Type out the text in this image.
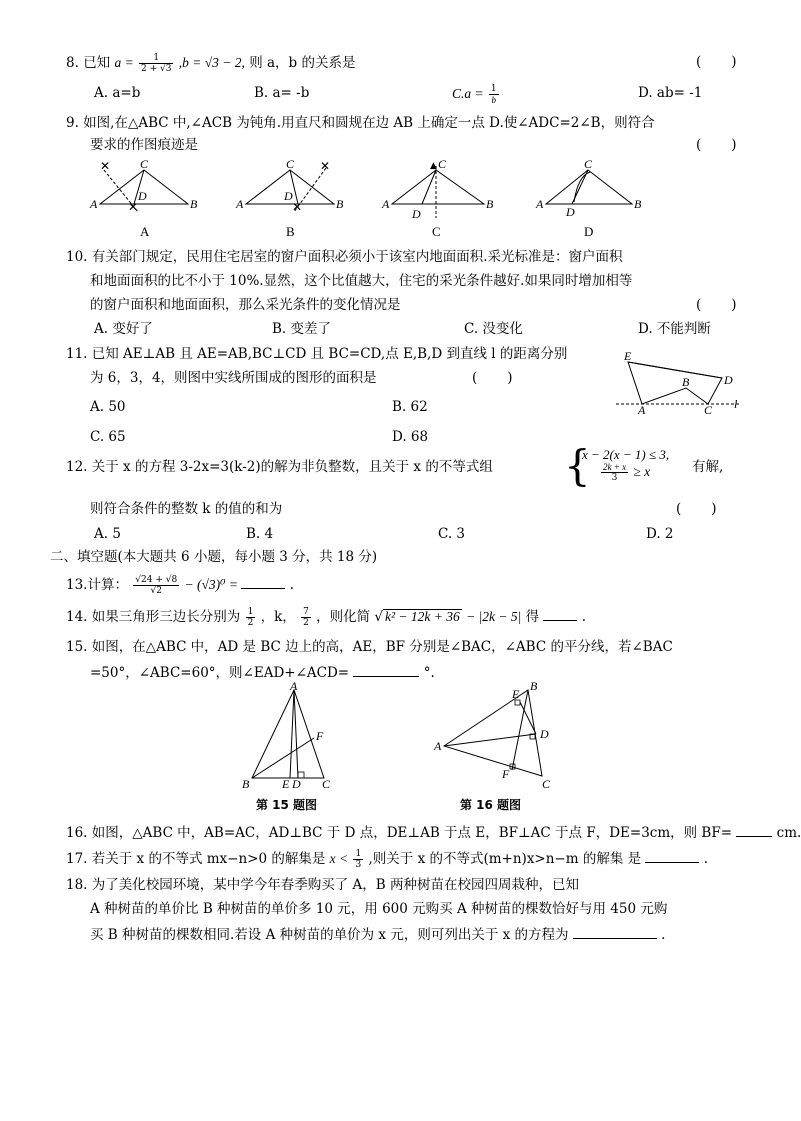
8. 已知 $a = \frac{1}{2 + √3} ,b = √3 - 2$, 则 a，b 的关系是	(       )
A. a=b	B. a= -b	$C.a = \frac{1}{b}$	D. ab= -1
9. 如图,在△ABC 中,∠ACB 为钝角.用直尺和圆规在边 AB 上确定一点 D.使∠ADC=2∠B，则符合
要求的作图痕迹是	(       )
✕
✕
A
C
D
B
A
✕
✕
A
C
D
B
B
▲
A
C
D
B
C
A
C
D
B
D
10. 有关部门规定，民用住宅居室的窗户面积必须小于该室内地面面积.采光标准是：窗户面积
和地面面积的比不小于 10%.显然，这个比值越大，住宅的采光条件越好.如果同时增加相等
的窗户面积和地面面积，那么采光条件的变化情况是	(       )
A. 变好了	B. 变差了	C. 没变化	D. 不能判断
11. 已知 AE⊥AB 且 AE=AB,BC⊥CD 且 BC=CD,点 E,B,D 到直线 l 的距离分别
为 6，3，4，则图中实线所围成的图形的面积是	(       )
A. 50	B. 62
C. 65	D. 68
E
B	D
A	C l
12. 关于 x 的方程 3-2x=3(k-2)的解为非负整数，且关于 x 的不等式组 {
x − 2(x − 1) ≤ 3,
$\frac{2k + x}{3} \ge x$	有解,
则符合条件的整数 k 的值的和为	(       )
A. 5	B. 4	C. 3	D. 2
二、填空题(本大题共 6 小题，每小题 3 分，共 18 分)
13.计算： $\frac{√24 + √8}{√2} - (√3)^0$ =	.
14. 如果三角形三边长分别为 $\frac{1}{2}$ ，k， $\frac{7}{2}$ ，则化简 √ k² − 12k + 36 − |2k − 5| 得	.
15. 如图，在△ABC 中，AD 是 BC 边上的高，AE，BF 分别是∠BAC，∠ABC 的平分线，若∠BAC
=50°，∠ABC=60°，则∠EAD+∠ACD=	°.
A
B	C
E D
F
第 15 题图
A
B
C
D
E
F
第 16 题图
16. 如图，△ABC 中，AB=AC，AD⊥BC 于 D 点，DE⊥AB 于点 E，BF⊥AC 于点 F，DE=3cm，则 BF=	cm.
17. 若关于 x 的不等式 mx−n>0 的解集是 $x < \frac{1}{3}$ ,则关于 x 的不等式(m+n)x>n−m 的解集 是	.
18. 为了美化校园环境，某中学今年春季购买了 A，B 两种树苗在校园四周栽种，已知
A 种树苗的单价比 B 种树苗的单价多 10 元，用 600 元购买 A 种树苗的棵数恰好与用 450 元购
买 B 种树苗的棵数相同.若设 A 种树苗的单价为 x 元，则可列出关于 x 的方程为	.
